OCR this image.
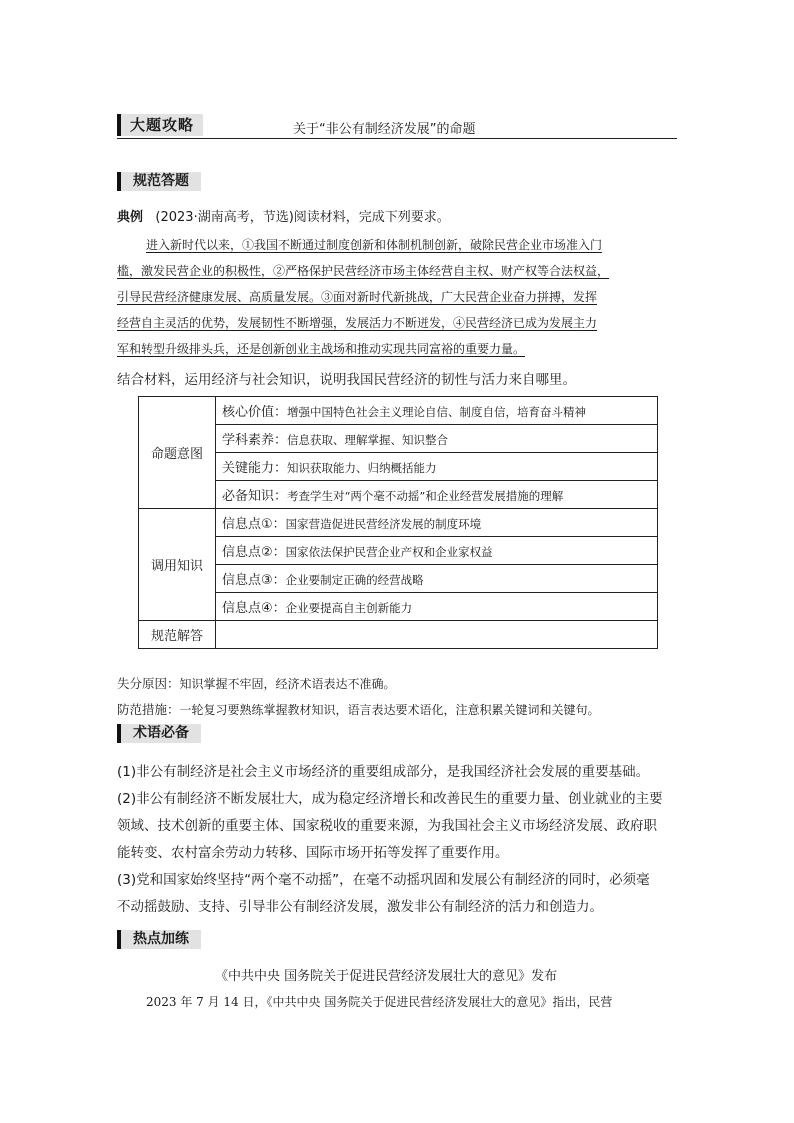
大题攻略	关于“非公有制经济发展”的命题
规范答题
典例 (2023·湖南高考，节选)阅读材料，完成下列要求。
进入新时代以来，①我国不断通过制度创新和体制机制创新，破除民营企业市场准入门
槛，激发民营企业的积极性，②严格保护民营经济市场主体经营自主权、财产权等合法权益，
引导民营经济健康发展、高质量发展。③面对新时代新挑战，广大民营企业奋力拼搏，发挥
经营自主灵活的优势，发展韧性不断增强，发展活力不断迸发，④民营经济已成为发展主力
军和转型升级排头兵，还是创新创业主战场和推动实现共同富裕的重要力量。
结合材料，运用经济与社会知识，说明我国民营经济的韧性与活力来自哪里。
命题意图	核心价值：增强中国特色社会主义理论自信、制度自信，培育奋斗精神
	学科素养：信息获取、理解掌握、知识整合
	关键能力：知识获取能力、归纳概括能力
	必备知识：考查学生对“两个毫不动摇”和企业经营发展措施的理解
调用知识	信息点①：国家营造促进民营经济发展的制度环境
	信息点②：国家依法保护民营企业产权和企业家权益
	信息点③：企业要制定正确的经营战略
	信息点④：企业要提高自主创新能力
规范解答	
失分原因：知识掌握不牢固，经济术语表达不准确。
防范措施：一轮复习要熟练掌握教材知识，语言表达要术语化，注意积累关键词和关键句。
术语必备
(1)非公有制经济是社会主义市场经济的重要组成部分，是我国经济社会发展的重要基础。
(2)非公有制经济不断发展壮大，成为稳定经济增长和改善民生的重要力量、创业就业的主要
领域、技术创新的重要主体、国家税收的重要来源，为我国社会主义市场经济发展、政府职
能转变、农村富余劳动力转移、国际市场开拓等发挥了重要作用。
(3)党和国家始终坚持“两个毫不动摇”，在毫不动摇巩固和发展公有制经济的同时，必须毫
不动摇鼓励、支持、引导非公有制经济发展，激发非公有制经济的活力和创造力。
热点加练
《中共中央 国务院关于促进民营经济发展壮大的意见》发布
2023 年 7 月 14 日，《中共中央 国务院关于促进民营经济发展壮大的意见》指出，民营
